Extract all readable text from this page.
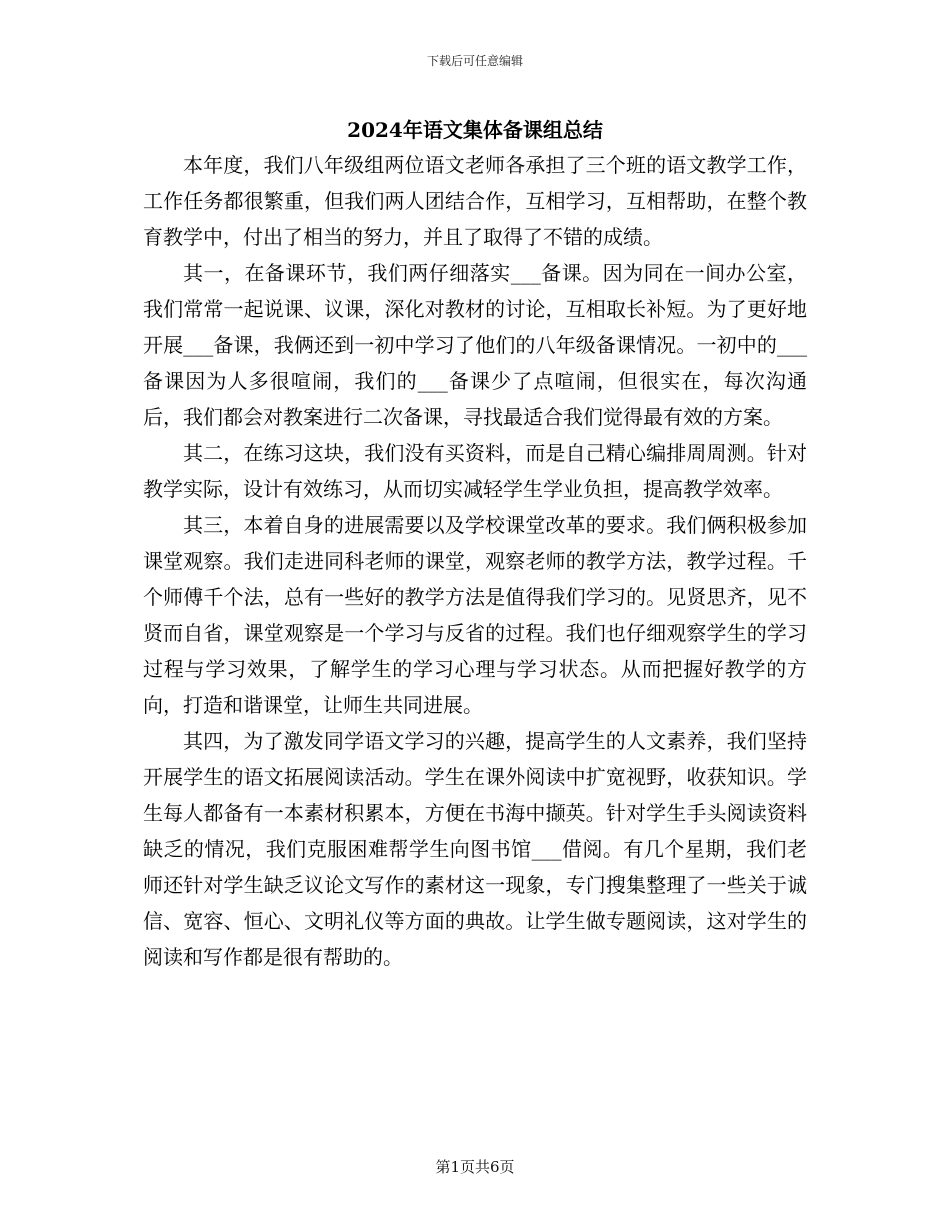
下载后可任意编辑
2024年语文集体备课组总结

本年度，我们八年级组两位语文老师各承担了三个班的语文教学工作，工作任务都很繁重，但我们两人团结合作，互相学习，互相帮助，在整个教育教学中，付出了相当的努力，并且了取得了不错的成绩。

其一，在备课环节，我们两仔细落实___备课。因为同在一间办公室，我们常常一起说课、议课，深化对教材的讨论，互相取长补短。为了更好地开展___备课，我俩还到一初中学习了他们的八年级备课情况。一初中的___备课因为人多很喧闹，我们的___备课少了点喧闹，但很实在，每次沟通后，我们都会对教案进行二次备课，寻找最适合我们觉得最有效的方案。

其二，在练习这块，我们没有买资料，而是自己精心编排周周测。针对教学实际，设计有效练习，从而切实减轻学生学业负担，提高教学效率。

其三，本着自身的进展需要以及学校课堂改革的要求。我们俩积极参加课堂观察。我们走进同科老师的课堂，观察老师的教学方法，教学过程。千个师傅千个法，总有一些好的教学方法是值得我们学习的。见贤思齐，见不贤而自省，课堂观察是一个学习与反省的过程。我们也仔细观察学生的学习过程与学习效果，了解学生的学习心理与学习状态。从而把握好教学的方向，打造和谐课堂，让师生共同进展。

其四，为了激发同学语文学习的兴趣，提高学生的人文素养，我们坚持开展学生的语文拓展阅读活动。学生在课外阅读中扩宽视野，收获知识。学生每人都备有一本素材积累本，方便在书海中撷英。针对学生手头阅读资料缺乏的情况，我们克服困难帮学生向图书馆___借阅。有几个星期，我们老师还针对学生缺乏议论文写作的素材这一现象，专门搜集整理了一些关于诚信、宽容、恒心、文明礼仪等方面的典故。让学生做专题阅读，这对学生的阅读和写作都是很有帮助的。

第1页共6页
